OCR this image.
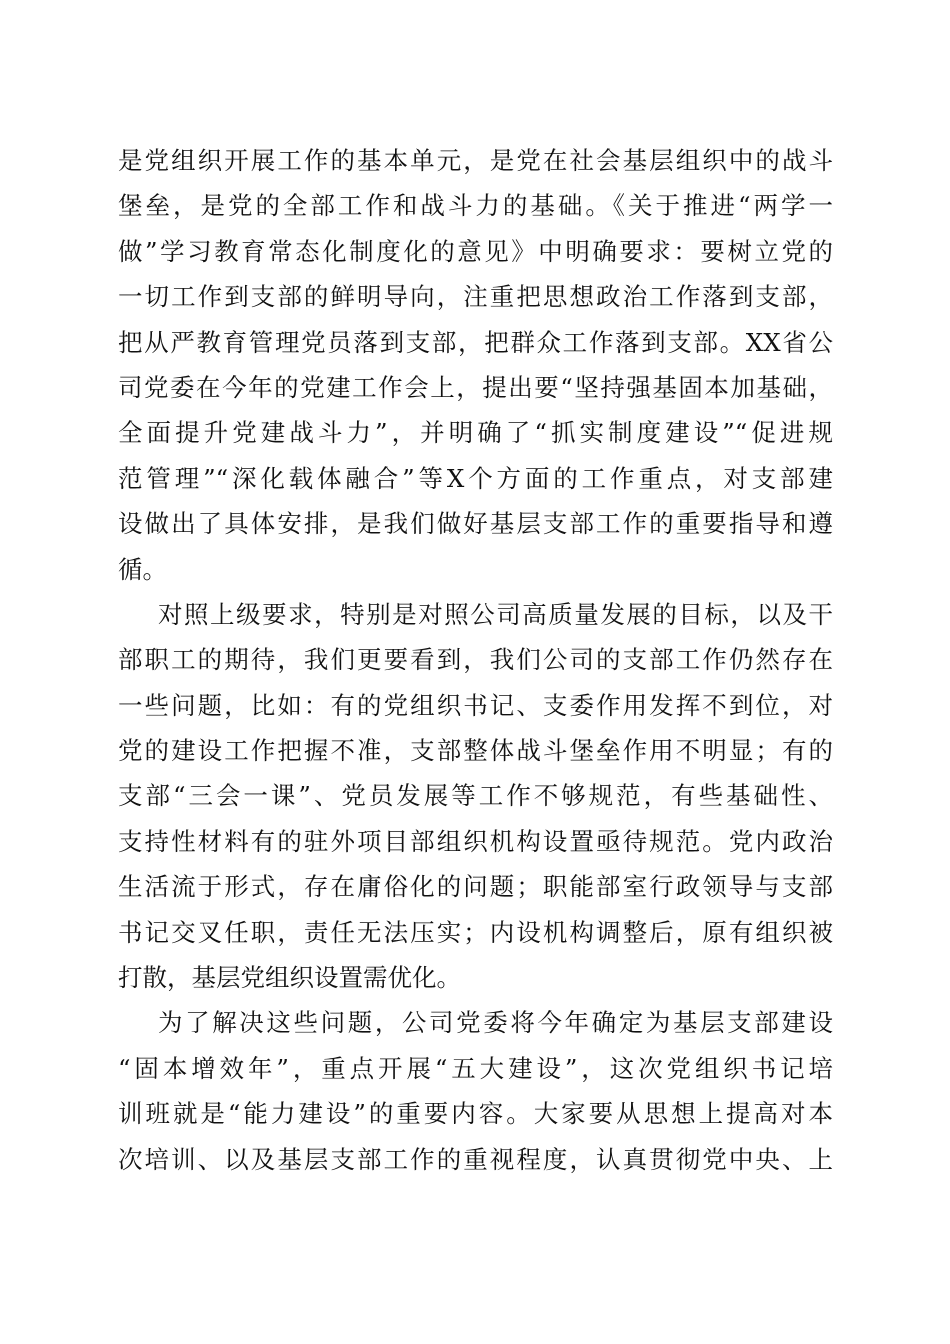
是党组织开展工作的基本单元，是党在社会基层组织中的战斗
堡垒，是党的全部工作和战斗力的基础。《关于推进“两学一
做”学习教育常态化制度化的意见》中明确要求：要树立党的
一切工作到支部的鲜明导向，注重把思想政治工作落到支部，
把从严教育管理党员落到支部，把群众工作落到支部。XX省公
司党委在今年的党建工作会上，提出要“坚持强基固本加基础，
全面提升党建战斗力”，并明确了“抓实制度建设”“促进规
范管理”“深化载体融合”等X个方面的工作重点，对支部建
设做出了具体安排，是我们做好基层支部工作的重要指导和遵
循。
对照上级要求，特别是对照公司高质量发展的目标，以及干
部职工的期待，我们更要看到，我们公司的支部工作仍然存在
一些问题，比如：有的党组织书记、支委作用发挥不到位，对
党的建设工作把握不准，支部整体战斗堡垒作用不明显；有的
支部“三会一课”、党员发展等工作不够规范，有些基础性、
支持性材料有的驻外项目部组织机构设置亟待规范。党内政治
生活流于形式，存在庸俗化的问题；职能部室行政领导与支部
书记交叉任职，责任无法压实；内设机构调整后，原有组织被
打散，基层党组织设置需优化。
为了解决这些问题，公司党委将今年确定为基层支部建设
“固本增效年”，重点开展“五大建设”，这次党组织书记培
训班就是“能力建设”的重要内容。大家要从思想上提高对本
次培训、以及基层支部工作的重视程度，认真贯彻党中央、上
